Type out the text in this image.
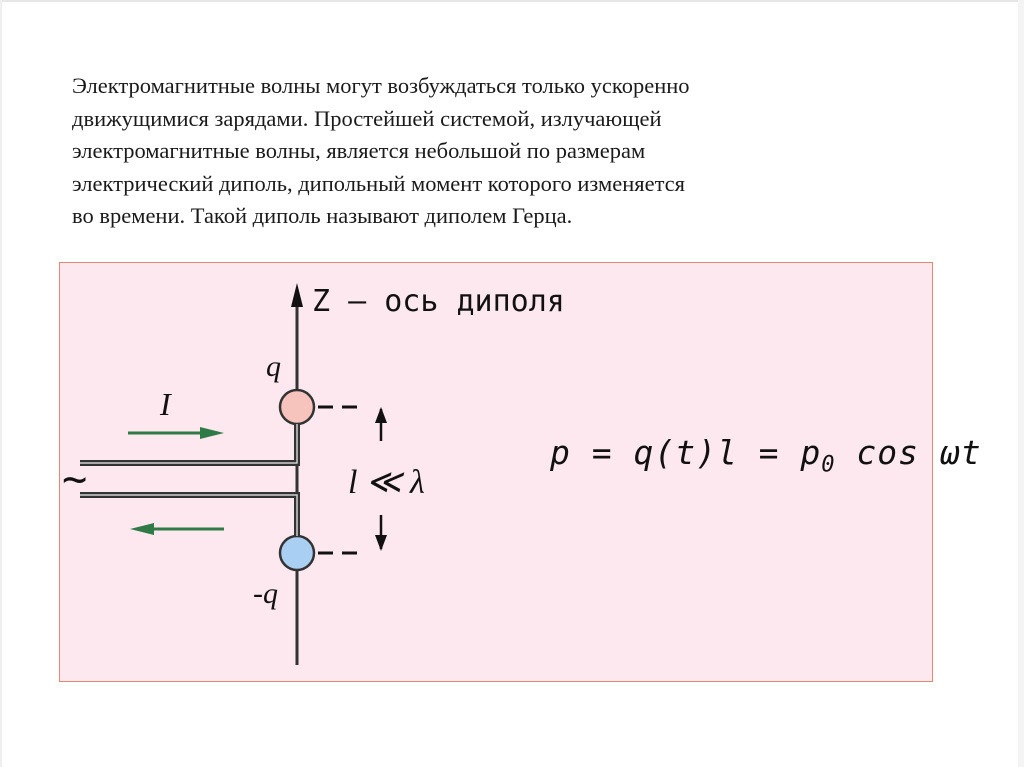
Электромагнитные волны могут возбуждаться только ускоренно
движущимися зарядами. Простейшей системой, излучающей
электромагнитные волны, является небольшой по размерам
электрический диполь, дипольный момент которого изменяется
во времени. Такой диполь называют диполем Герца.

Z – ось диполя
q
-q
~
I
l ≪ λ
$p = q(t)l = p_0$ cos ωt
